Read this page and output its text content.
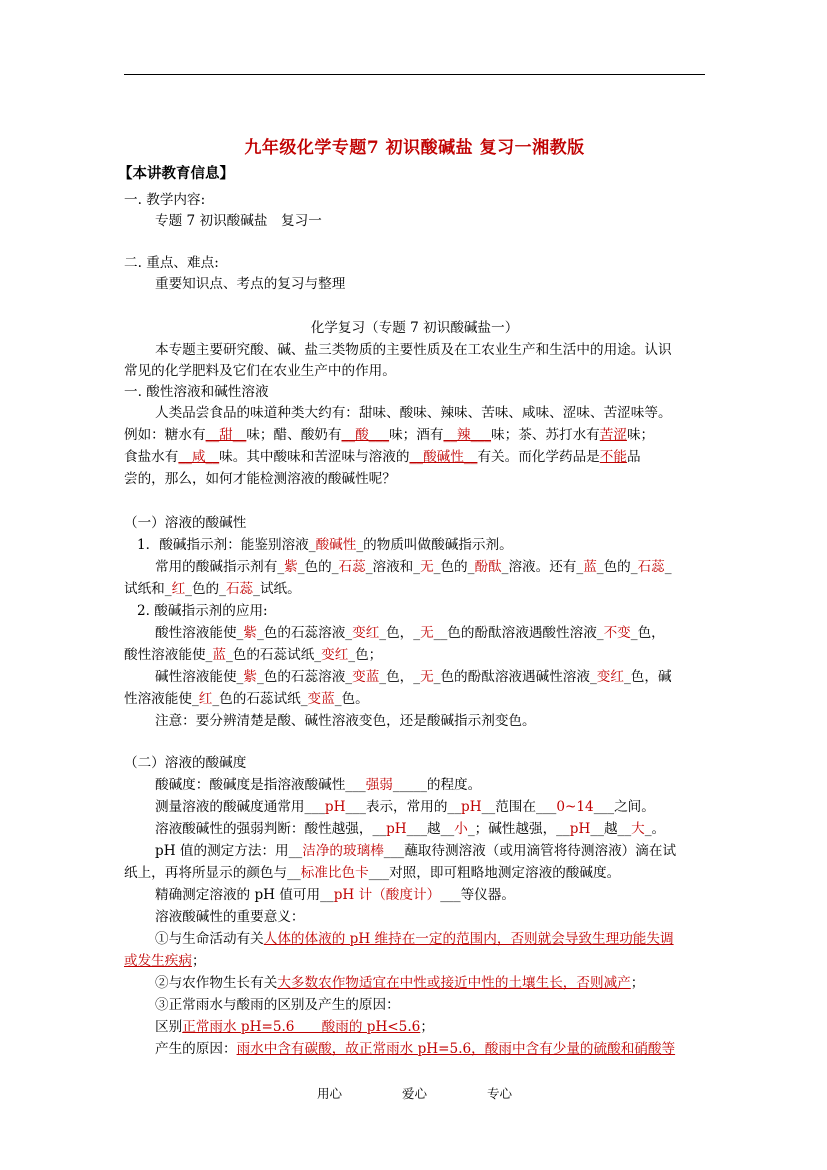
九年级化学专题7 初识酸碱盐 复习一湘教版
【本讲教育信息】
一. 教学内容:
专题 7 初识酸碱盐　复习一
二. 重点、难点:
重要知识点、考点的复习与整理
化学复习（专题 7 初识酸碱盐一）
本专题主要研究酸、碱、盐三类物质的主要性质及在工农业生产和生活中的用途。认识
常见的化学肥料及它们在农业生产中的作用。
一. 酸性溶液和碱性溶液
人类品尝食品的味道种类大约有：甜味、酸味、辣味、苦味、咸味、涩味、苦涩味等。
例如：糖水有__甜__味；醋、酸奶有__酸___味；酒有__辣___味；茶、苏打水有苦涩味；
食盐水有__咸__味。其中酸味和苦涩味与溶液的__酸碱性__有关。而化学药品是不能品
尝的，那么，如何才能检测溶液的酸碱性呢？
（一）溶液的酸碱性
1．酸碱指示剂：能鉴别溶液_酸碱性_的物质叫做酸碱指示剂。
常用的酸碱指示剂有_紫_色的_石蕊_溶液和_无_色的_酚酞_溶液。还有_蓝_色的_石蕊_
试纸和_红_色的_石蕊_试纸。
2. 酸碱指示剂的应用:
酸性溶液能使_紫_色的石蕊溶液_变红_色，_无__色的酚酞溶液遇酸性溶液_不变_色，
酸性溶液能使_蓝_色的石蕊试纸_变红_色；
碱性溶液能使_紫_色的石蕊溶液_变蓝_色，_无_色的酚酞溶液遇碱性溶液_变红_色，碱
性溶液能使_红_色的石蕊试纸_变蓝_色。
注意：要分辨清楚是酸、碱性溶液变色，还是酸碱指示剂变色。
（二）溶液的酸碱度
酸碱度：酸碱度是指溶液酸碱性___强弱_____的程度。
测量溶液的酸碱度通常用___pH___表示，常用的__pH__范围在___0~14___之间。
溶液酸碱性的强弱判断：酸性越强，__pH___越__小_；碱性越强，__pH__越__大_。
pH 值的测定方法：用__洁净的玻璃棒___蘸取待测溶液（或用滴管将待测溶液）滴在试
纸上，再将所显示的颜色与__标准比色卡___对照，即可粗略地测定溶液的酸碱度。
精确测定溶液的 pH 值可用__pH 计（酸度计）___等仪器。
溶液酸碱性的重要意义：
①与生命活动有关人体的体液的 pH 维持在一定的范围内，否则就会导致生理功能失调
或发生疾病；
②与农作物生长有关大多数农作物适宜在中性或接近中性的土壤生长，否则减产；
③正常雨水与酸雨的区别及产生的原因：
区别正常雨水 pH=5.6　　酸雨的 pH<5.6；
产生的原因：雨水中含有碳酸，故正常雨水 pH=5.6，酸雨中含有少量的硫酸和硝酸等
用心	爱心	专心
